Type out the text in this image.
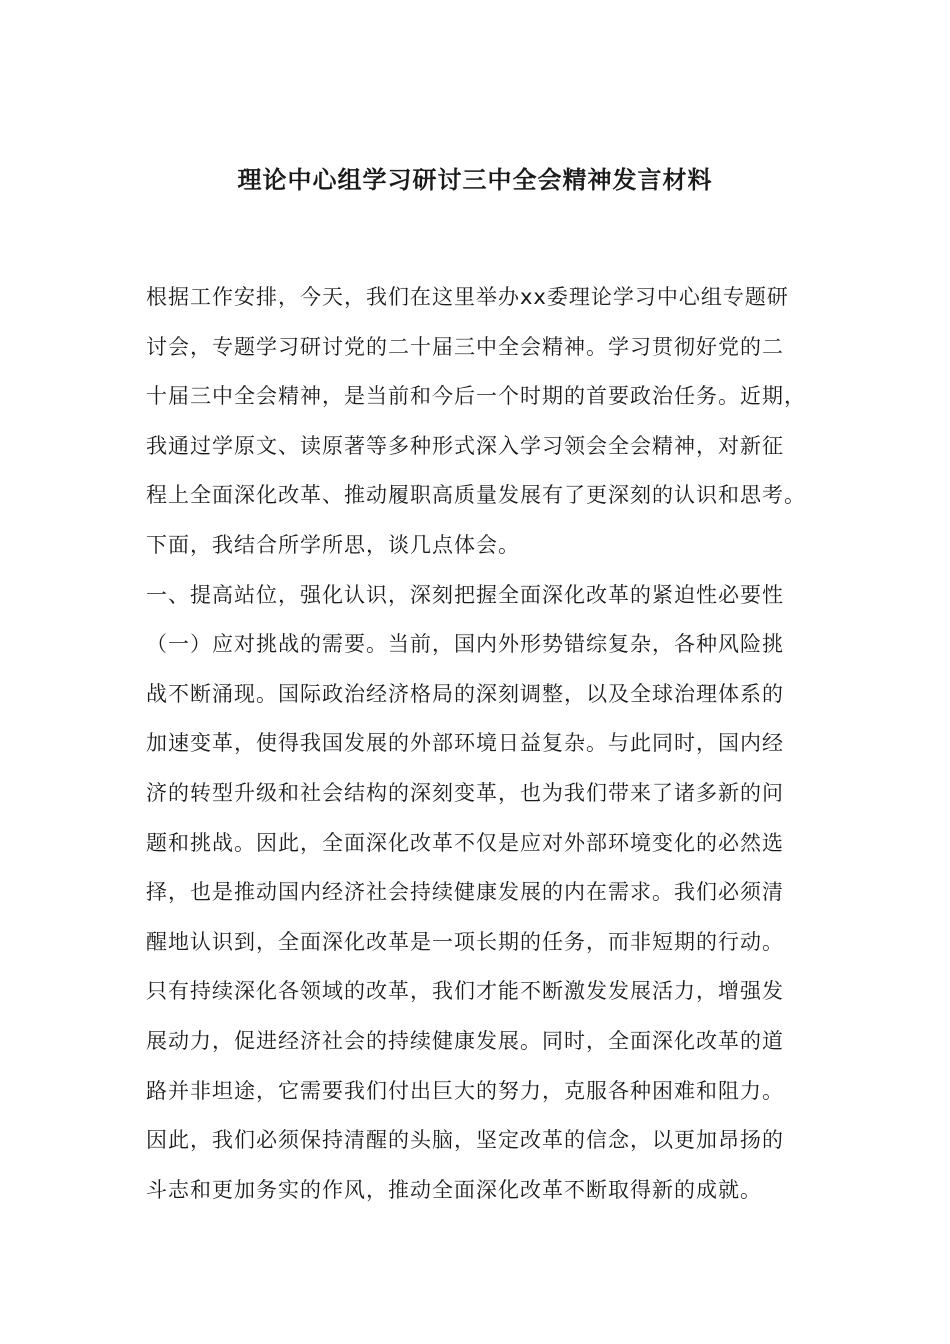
理论中心组学习研讨三中全会精神发言材料
根据工作安排，今天，我们在这里举办xx委理论学习中心组专题研
讨会，专题学习研讨党的二十届三中全会精神。学习贯彻好党的二
十届三中全会精神，是当前和今后一个时期的首要政治任务。近期，
我通过学原文、读原著等多种形式深入学习领会全会精神，对新征
程上全面深化改革、推动履职高质量发展有了更深刻的认识和思考。
下面，我结合所学所思，谈几点体会。
一、提高站位，强化认识，深刻把握全面深化改革的紧迫性必要性
（一）应对挑战的需要。当前，国内外形势错综复杂，各种风险挑
战不断涌现。国际政治经济格局的深刻调整，以及全球治理体系的
加速变革，使得我国发展的外部环境日益复杂。与此同时，国内经
济的转型升级和社会结构的深刻变革，也为我们带来了诸多新的问
题和挑战。因此，全面深化改革不仅是应对外部环境变化的必然选
择，也是推动国内经济社会持续健康发展的内在需求。我们必须清
醒地认识到，全面深化改革是一项长期的任务，而非短期的行动。
只有持续深化各领域的改革，我们才能不断激发发展活力，增强发
展动力，促进经济社会的持续健康发展。同时，全面深化改革的道
路并非坦途，它需要我们付出巨大的努力，克服各种困难和阻力。
因此，我们必须保持清醒的头脑，坚定改革的信念，以更加昂扬的
斗志和更加务实的作风，推动全面深化改革不断取得新的成就。
